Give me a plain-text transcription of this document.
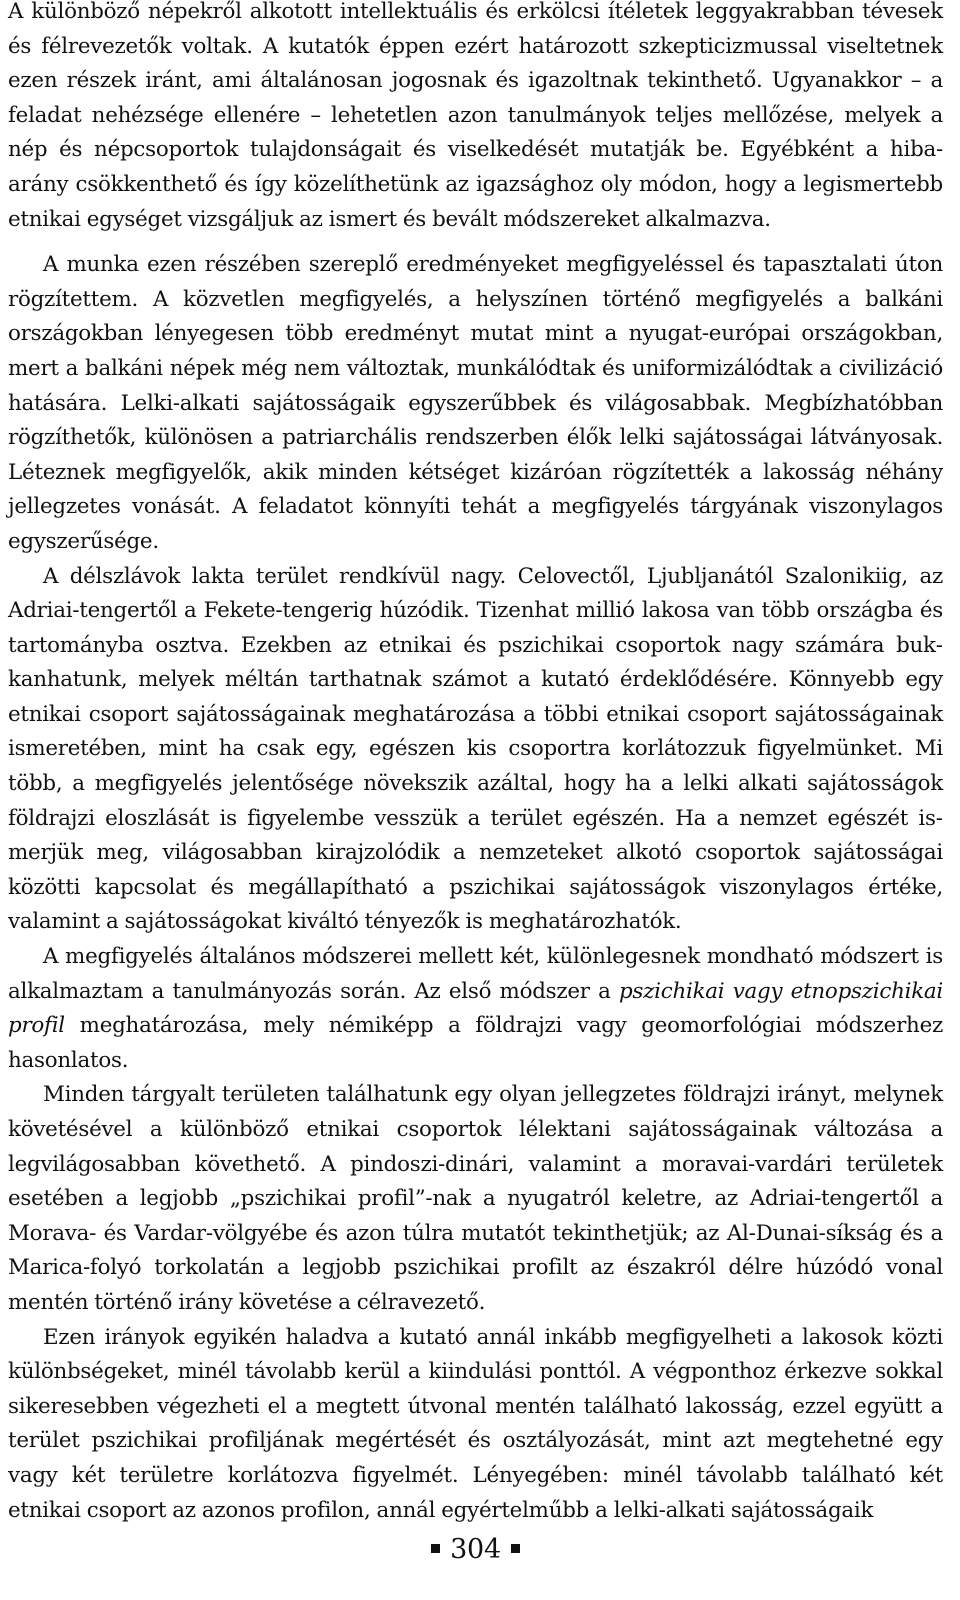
A különböző népekről alkotott intellektuális és erkölcsi ítéletek leggyakrabban tévesek és félrevezetők voltak. A kutatók éppen ezért határozott szkepticizmussal viseltetnek ezen részek iránt, ami általánosan jogosnak és igazoltnak tekinthető. Ugyanakkor – a feladat nehézsége ellenére – lehetetlen azon tanulmányok teljes mellőzése, melyek a nép és népcsoportok tulajdonságait és viselkedését mutatják be. Egyébként a hiba-arány csökkenthető és így közelíthetünk az igazsághoz oly módon, hogy a legismertebb etnikai egységet vizsgáljuk az ismert és bevált módszereket alkalmazva.

A munka ezen részében szereplő eredményeket megfigyeléssel és tapasztalati úton rögzítettem. A közvetlen megfigyelés, a helyszínen történő megfigyelés a balkáni országokban lényegesen több eredményt mutat mint a nyugat-európai országokban, mert a balkáni népek még nem változtak, munkálódtak és uniformizálódtak a civilizáció hatására. Lelki-alkati sajátosságaik egyszerűbbek és világosabbak. Megbízhatóbban rögzíthetők, különösen a patriarchális rendszerben élők lelki sajátosságai látványosak. Léteznek megfigyelők, akik minden kétséget kizáróan rögzítették a lakosság néhány jellegzetes vonását. A feladatot könnyíti tehát a megfigyelés tárgyának viszonylagos egyszerűsége.

A délszlávok lakta terület rendkívül nagy. Celovectől, Ljubljanától Szalonikiig, az Adriai-tengertől a Fekete-tengerig húzódik. Tizenhat millió lakosa van több országba és tartományba osztva. Ezekben az etnikai és pszichikai csoportok nagy számára bukkanhatunk, melyek méltán tarthatnak számot a kutató érdeklődésére. Könnyebb egy etnikai csoport sajátosságainak meghatározása a többi etnikai csoport sajátosságainak ismeretében, mint ha csak egy, egészen kis csoportra korlátozzuk figyelmünket. Mi több, a megfigyelés jelentősége növekszik azáltal, hogy ha a lelki alkati sajátosságok földrajzi eloszlását is figyelembe vesszük a terület egészén. Ha a nemzet egészét ismerjük meg, világosabban kirajzolódik a nemzeteket alkotó csoportok sajátosságai közötti kapcsolat és megállapítható a pszichikai sajátosságok viszonylagos értéke, valamint a sajátosságokat kiváltó tényezők is meghatározhatók.

A megfigyelés általános módszerei mellett két, különlegesnek mondható módszert is alkalmaztam a tanulmányozás során. Az első módszer a pszichikai vagy etnopszichikai profil meghatározása, mely némiképp a földrajzi vagy geomorfológiai módszerhez hasonlatos.

Minden tárgyalt területen találhatunk egy olyan jellegzetes földrajzi irányt, melynek követésével a különböző etnikai csoportok lélektani sajátosságainak változása a legvilágosabban követhető. A pindoszi-dinári, valamint a moravai-vardári területek esetében a legjobb „pszichikai profil”-nak a nyugatról keletre, az Adriai-tengertől a Morava- és Vardar-völgyébe és azon túlra mutatót tekinthetjük; az Al-Dunai-síkság és a Marica-folyó torkolatán a legjobb pszichikai profilt az északról délre húzódó vonal mentén történő irány követése a célravezető.

Ezen irányok egyikén haladva a kutató annál inkább megfigyelheti a lakosok közti különbségeket, minél távolabb kerül a kiindulási ponttól. A végponthoz érkezve sokkal sikeresebben végezheti el a megtett útvonal mentén található lakosság, ezzel együtt a terület pszichikai profiljának megértését és osztályozását, mint azt megtehetné egy vagy két területre korlátozva figyelmét. Lényegében: minél távolabb található két etnikai csoport az azonos profilon, annál egyértelműbb a lelki-alkati sajátosságaik

304
